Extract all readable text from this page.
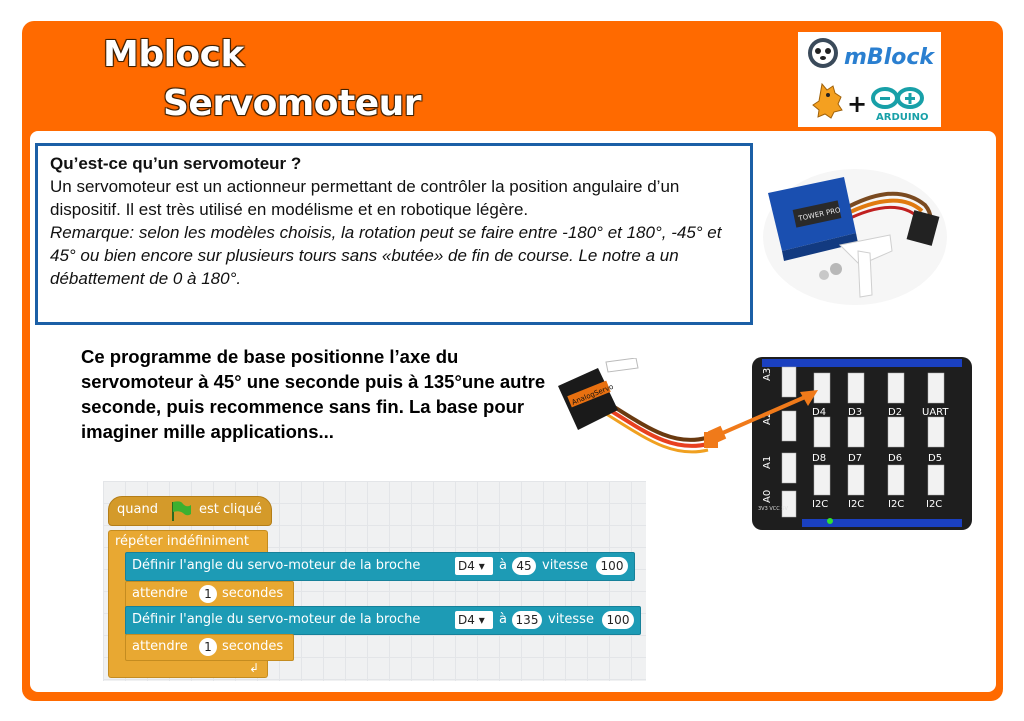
Mblock
Servomoteur
mBlock
+ ARDUINO
Qu’est-ce qu’un servomoteur ?
Un servomoteur est un actionneur permettant de contrôler la position angulaire d’un dispositif. Il est très utilisé en modélisme et en robotique légère.
Remarque: selon les modèles choisis, la rotation peut se faire entre -180° et 180°, -45° et 45° ou bien encore sur plusieurs tours sans «butée» de fin de course. Le notre a un débattement de 0 à 180°.
TOWER PRO
Ce programme de base positionne l’axe du servomoteur à 45° une seconde puis à 135°une autre seconde, puis recommence sans fin. La base pour imaginer mille applications...
AnalogServo
D4 D3	D2 UART
D8 D7	D6	D5
I2C I2C I2C I2C
A3
A2
A1
A0
3V3 VCC 5V
quand	est cliqué
répéter indéfiniment
↲
Définir l'angle du servo-moteur de la broche	D4 ▾	à 45 vitesse	100
attendre	1 secondes
Définir l'angle du servo-moteur de la broche	D4 ▾	à 135 vitesse	100
attendre	1 secondes
